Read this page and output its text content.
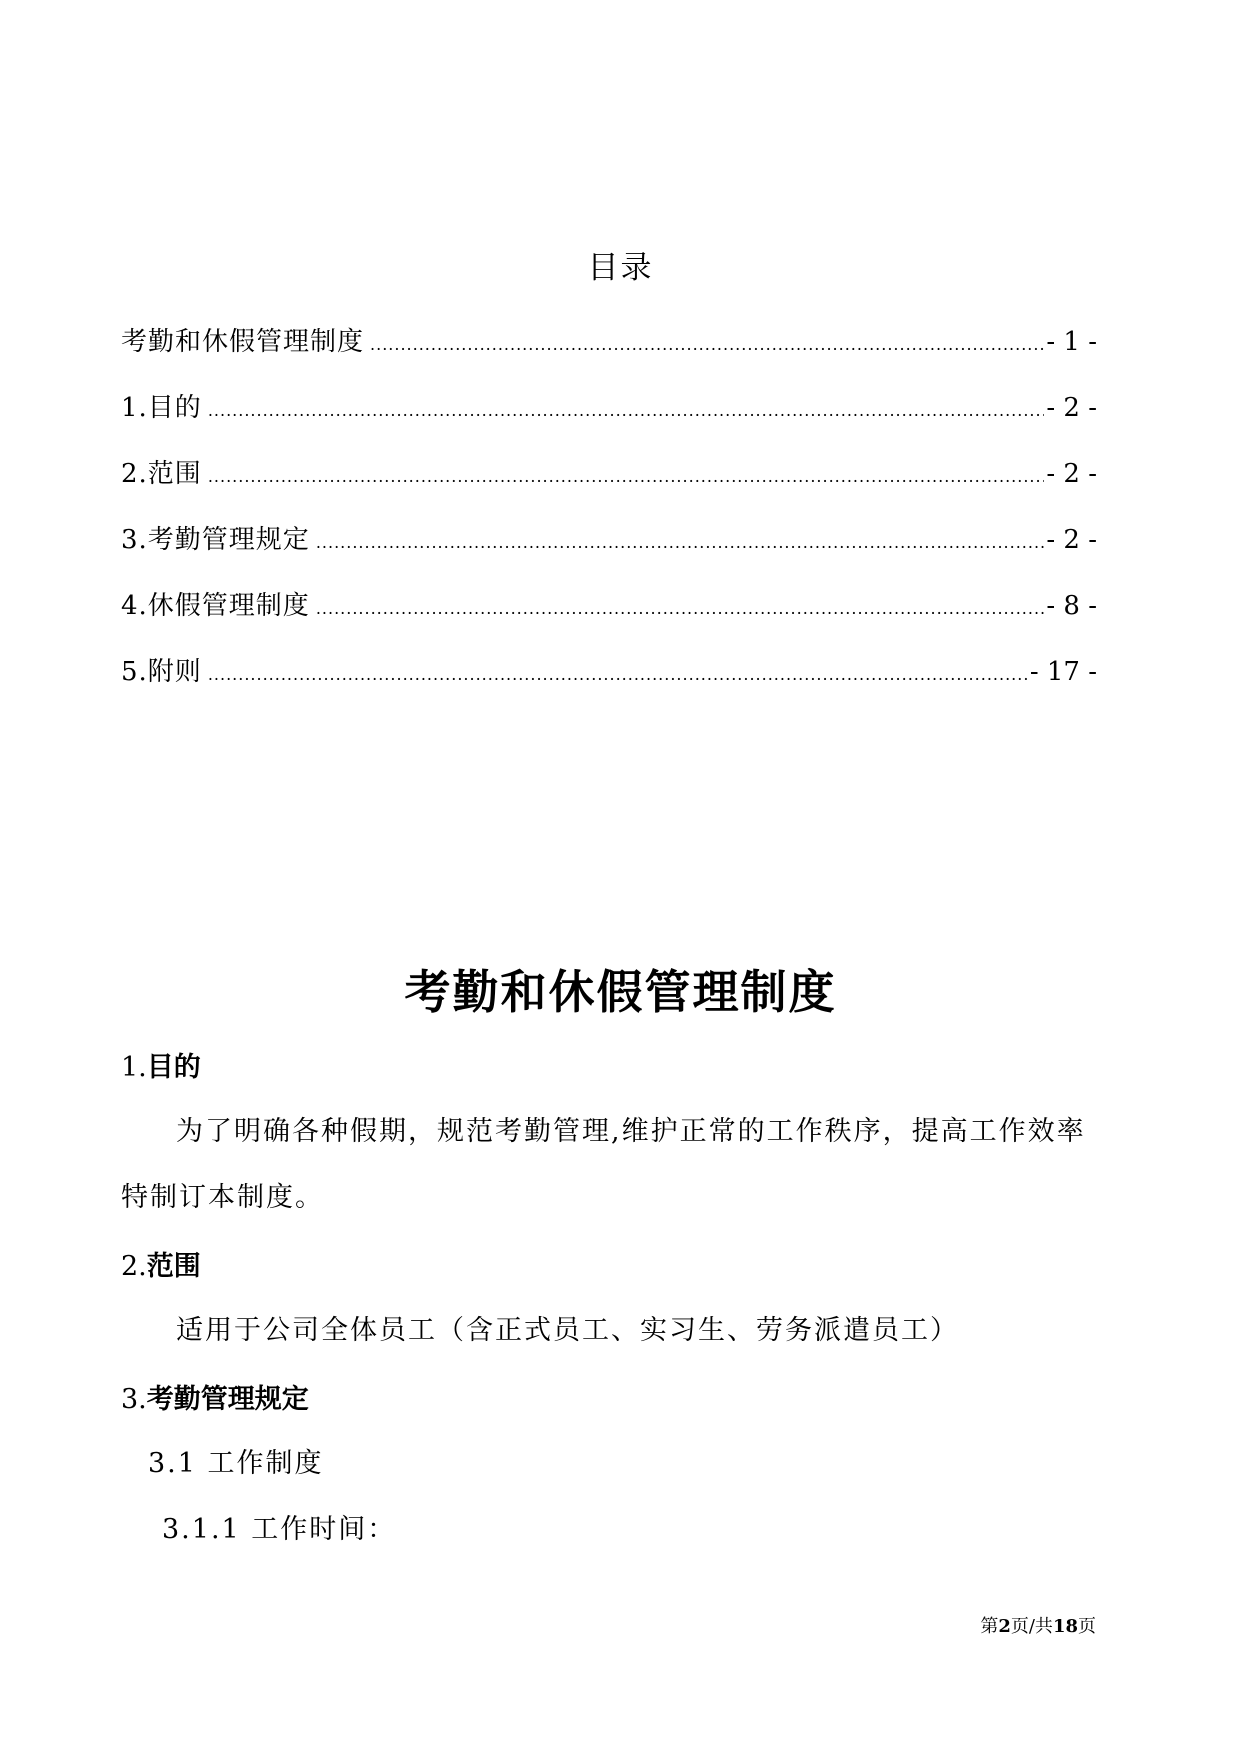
目录
考勤和休假管理制度 .....	- 1 -
1.目的 .....	- 2 -
2.范围 .....	- 2 -
3.考勤管理规定 .....	- 2 -
4.休假管理制度 .....	- 8 -
5.附则 .....	- 17 -
考勤和休假管理制度
1.目的
为了明确各种假期，规范考勤管理,维护正常的工作秩序，提高工作效率
特制订本制度。
2.范围
适用于公司全体员工（含正式员工、实习生、劳务派遣员工）
3.考勤管理规定
3.1 工作制度
3.1.1 工作时间：
第2页/共18页
